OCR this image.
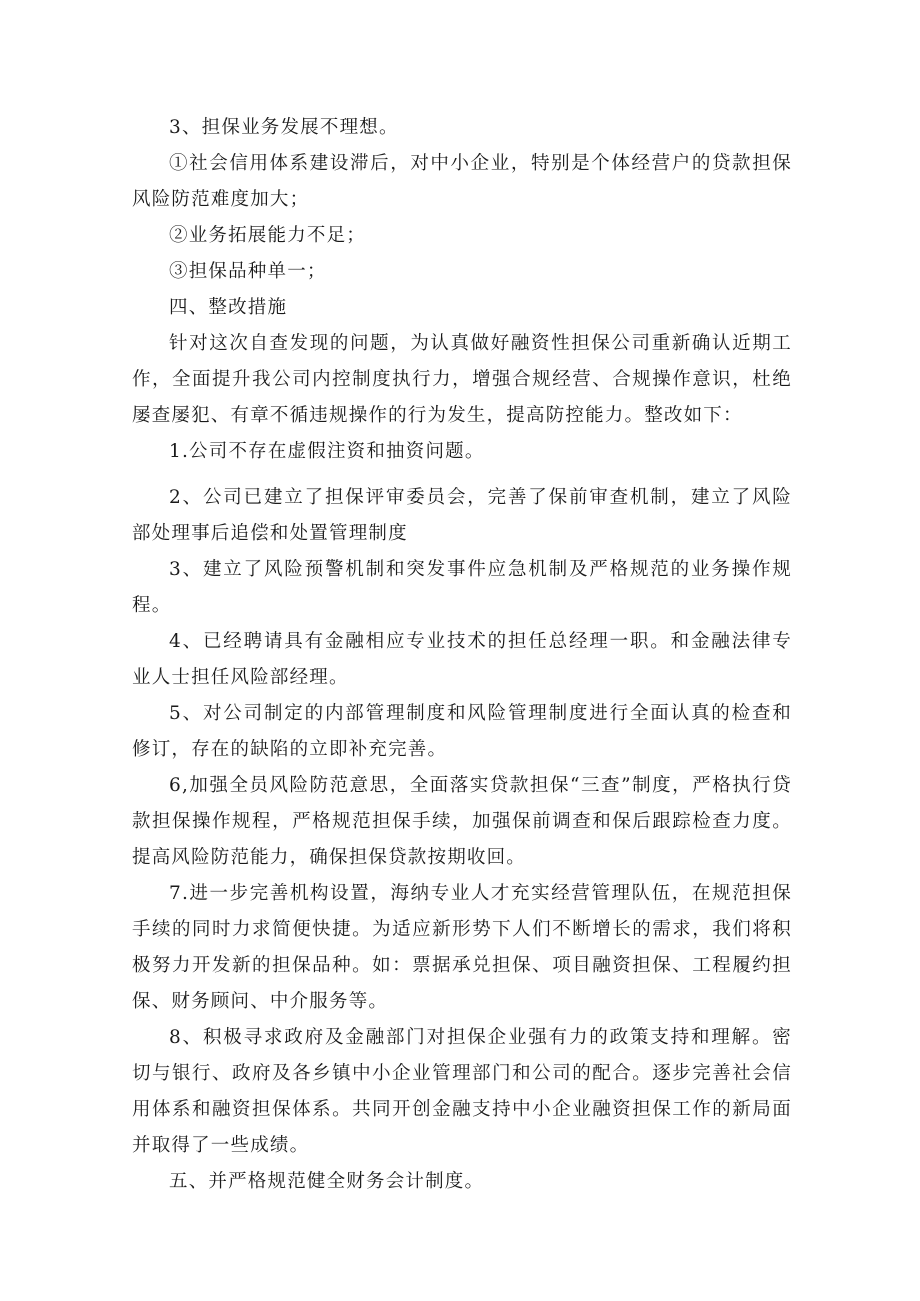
3、担保业务发展不理想。

①社会信用体系建设滞后，对中小企业，特别是个体经营户的贷款担保风险防范难度加大；

②业务拓展能力不足；

③担保品种单一；

四、整改措施

针对这次自查发现的问题，为认真做好融资性担保公司重新确认近期工作，全面提升我公司内控制度执行力，增强合规经营、合规操作意识，杜绝屡查屡犯、有章不循违规操作的行为发生，提高防控能力。整改如下：

1.公司不存在虚假注资和抽资问题。

2、公司已建立了担保评审委员会，完善了保前审查机制，建立了风险部处理事后追偿和处置管理制度

3、建立了风险预警机制和突发事件应急机制及严格规范的业务操作规程。

4、已经聘请具有金融相应专业技术的担任总经理一职。和金融法律专业人士担任风险部经理。

5、对公司制定的内部管理制度和风险管理制度进行全面认真的检查和修订，存在的缺陷的立即补充完善。

6,加强全员风险防范意思，全面落实贷款担保“三查”制度，严格执行贷款担保操作规程，严格规范担保手续，加强保前调查和保后跟踪检查力度。提高风险防范能力，确保担保贷款按期收回。

7.进一步完善机构设置，海纳专业人才充实经营管理队伍，在规范担保手续的同时力求简便快捷。为适应新形势下人们不断增长的需求，我们将积极努力开发新的担保品种。如：票据承兑担保、项目融资担保、工程履约担保、财务顾问、中介服务等。

8、积极寻求政府及金融部门对担保企业强有力的政策支持和理解。密切与银行、政府及各乡镇中小企业管理部门和公司的配合。逐步完善社会信用体系和融资担保体系。共同开创金融支持中小企业融资担保工作的新局面并取得了一些成绩。

五、并严格规范健全财务会计制度。
